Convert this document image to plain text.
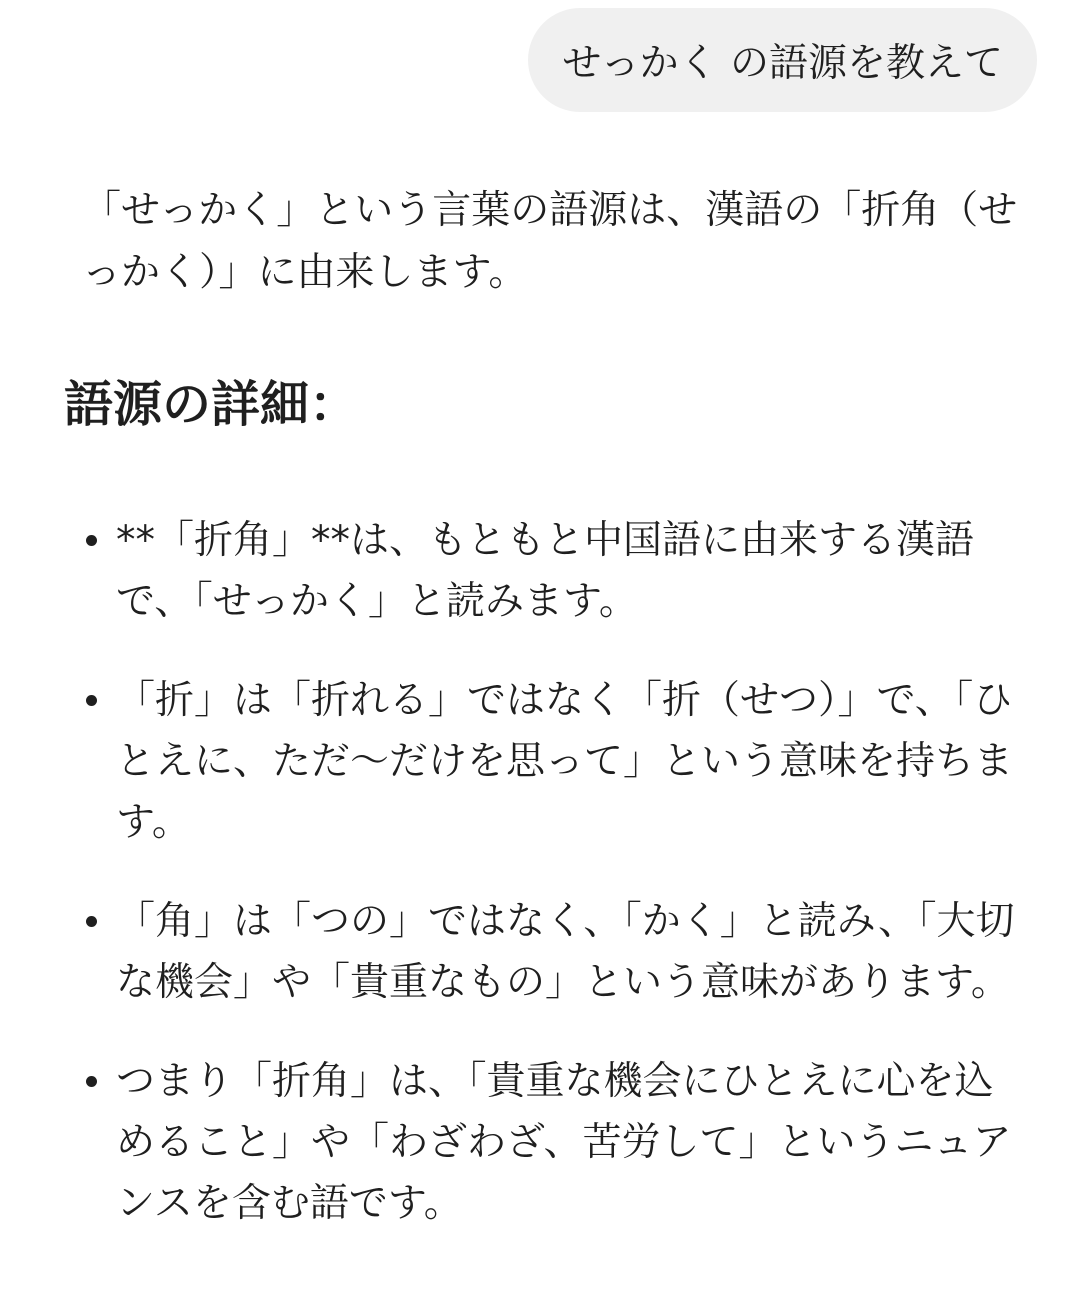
せっかく の語源を教えて

「せっかく」という言葉の語源は、漢語の「折角（せっかく）」に由来します。

語源の詳細：
**「折角」**は、もともと中国語に由来する漢語で、「せっかく」と読みます。
「折」は「折れる」ではなく「折（せつ）」で、「ひとえに、ただ〜だけを思って」という意味を持ちます。
「角」は「つの」ではなく、「かく」と読み、「大切な機会」や「貴重なもの」という意味があります。
つまり「折角」は、「貴重な機会にひとえに心を込めること」や「わざわざ、苦労して」というニュアンスを含む語です。
